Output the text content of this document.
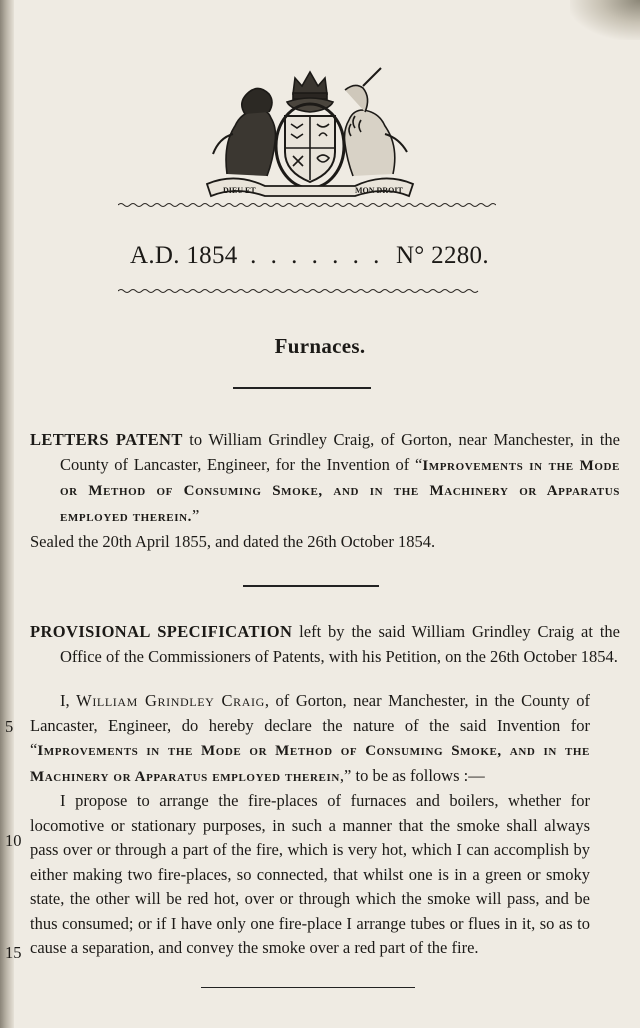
DIEU ET	MON DROIT
A.D. 1854 . . . . . . . N° 2280.
Furnaces.
LETTERS PATENT to William Grindley Craig, of Gorton, near Manchester, in the County of Lancaster, Engineer, for the Invention of “Improvements in the Mode or Method of Consuming Smoke, and in the Machinery or Apparatus employed therein.”
Sealed the 20th April 1855, and dated the 26th October 1854.
PROVISIONAL SPECIFICATION left by the said William Grindley Craig at the Office of the Commissioners of Patents, with his Petition, on the 26th October 1854.

I, William Grindley Craig, of Gorton, near Manchester, in the County of Lancaster, Engineer, do hereby declare the nature of the said Invention for “Improvements in the Mode or Method of Consuming Smoke, and in the Machinery or Apparatus employed therein,” to be as follows :—

I propose to arrange the fire-places of furnaces and boilers, whether for locomotive or stationary purposes, in such a manner that the smoke shall always pass over or through a part of the fire, which is very hot, which I can accomplish by either making two fire-places, so connected, that whilst one is in a green or smoky state, the other will be red hot, over or through which the smoke will pass, and be thus consumed; or if I have only one fire-place I arrange tubes or flues in it, so as to cause a separation, and convey the smoke over a red part of the fire.

5
10
15
